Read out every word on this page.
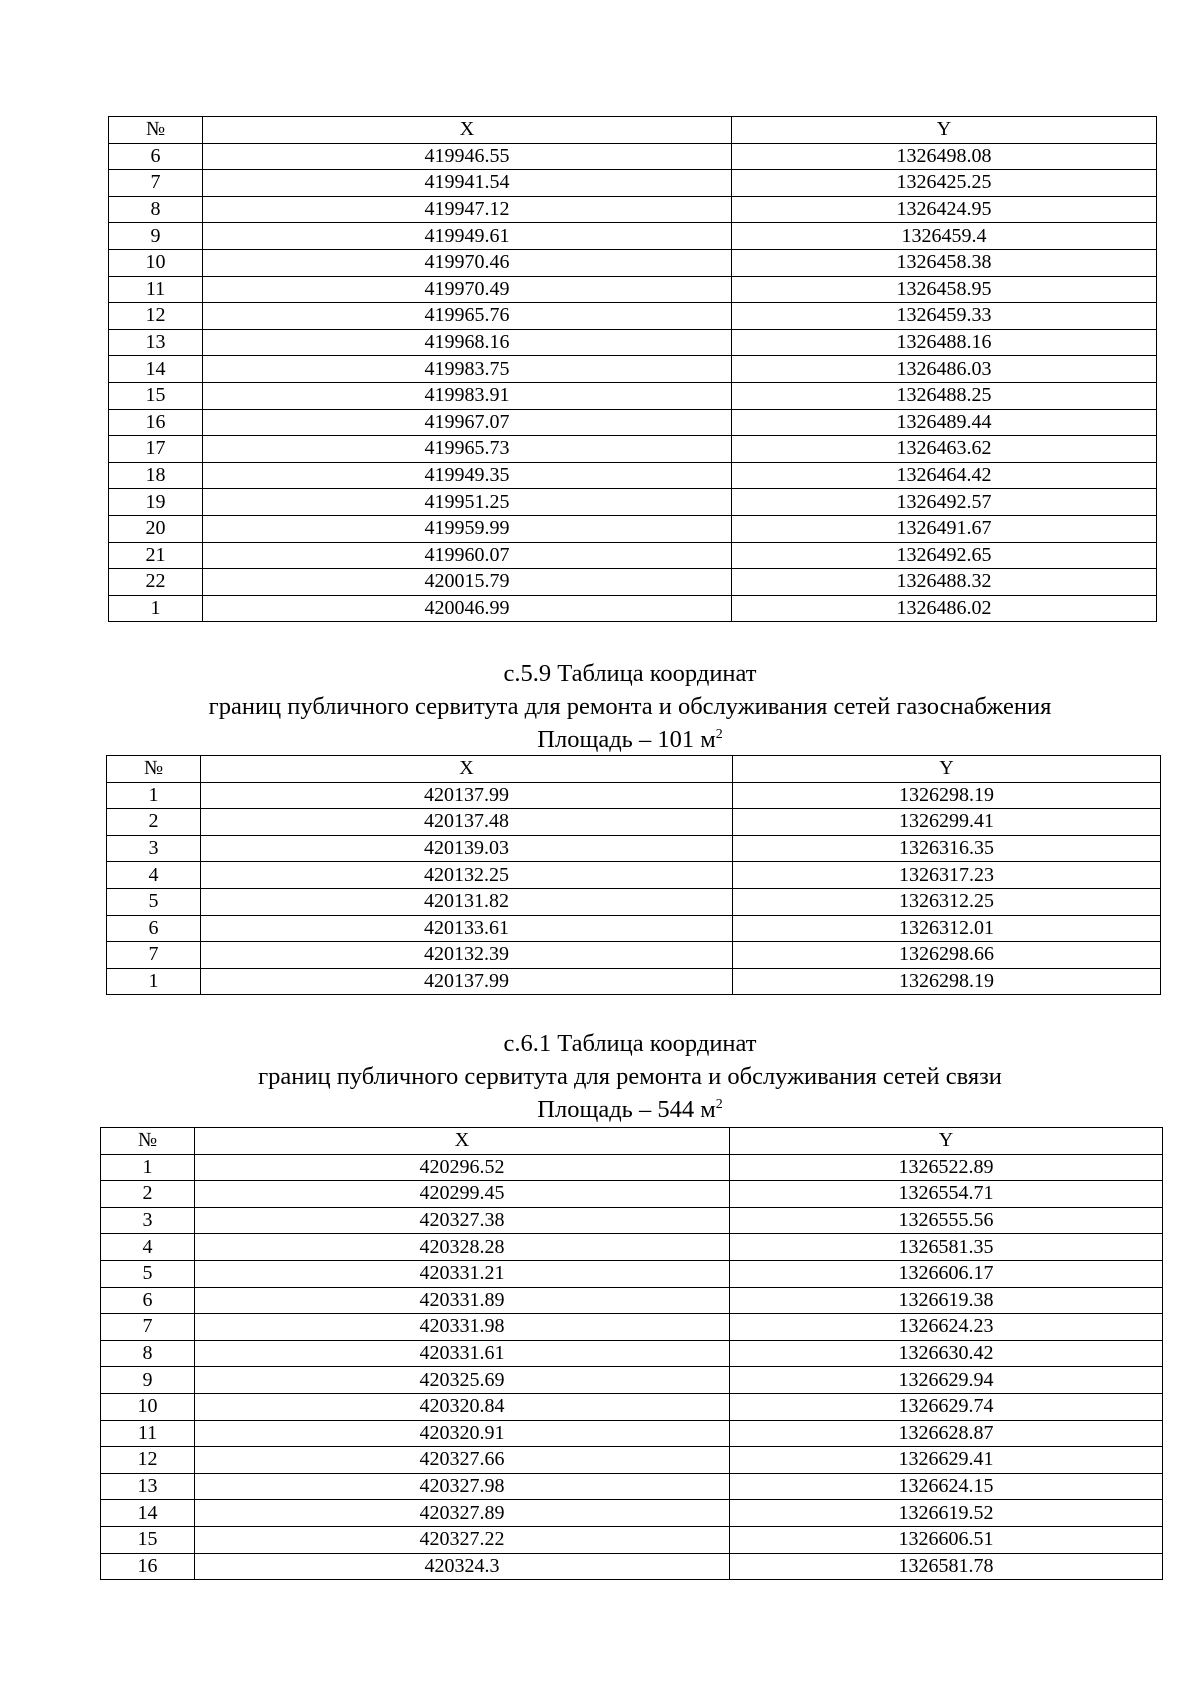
№	X	Y
6	419946.55	1326498.08
7	419941.54	1326425.25
8	419947.12	1326424.95
9	419949.61	1326459.4
10	419970.46	1326458.38
11	419970.49	1326458.95
12	419965.76	1326459.33
13	419968.16	1326488.16
14	419983.75	1326486.03
15	419983.91	1326488.25
16	419967.07	1326489.44
17	419965.73	1326463.62
18	419949.35	1326464.42
19	419951.25	1326492.57
20	419959.99	1326491.67
21	419960.07	1326492.65
22	420015.79	1326488.32
1	420046.99	1326486.02
с.5.9 Таблица координат
границ публичного сервитута для ремонта и обслуживания сетей газоснабжения
Площадь – 101 $м^2$
№	X	Y
1	420137.99	1326298.19
2	420137.48	1326299.41
3	420139.03	1326316.35
4	420132.25	1326317.23
5	420131.82	1326312.25
6	420133.61	1326312.01
7	420132.39	1326298.66
1	420137.99	1326298.19
с.6.1 Таблица координат
границ публичного сервитута для ремонта и обслуживания сетей связи
Площадь – 544 $м^2$
№	X	Y
1	420296.52	1326522.89
2	420299.45	1326554.71
3	420327.38	1326555.56
4	420328.28	1326581.35
5	420331.21	1326606.17
6	420331.89	1326619.38
7	420331.98	1326624.23
8	420331.61	1326630.42
9	420325.69	1326629.94
10	420320.84	1326629.74
11	420320.91	1326628.87
12	420327.66	1326629.41
13	420327.98	1326624.15
14	420327.89	1326619.52
15	420327.22	1326606.51
16	420324.3	1326581.78
